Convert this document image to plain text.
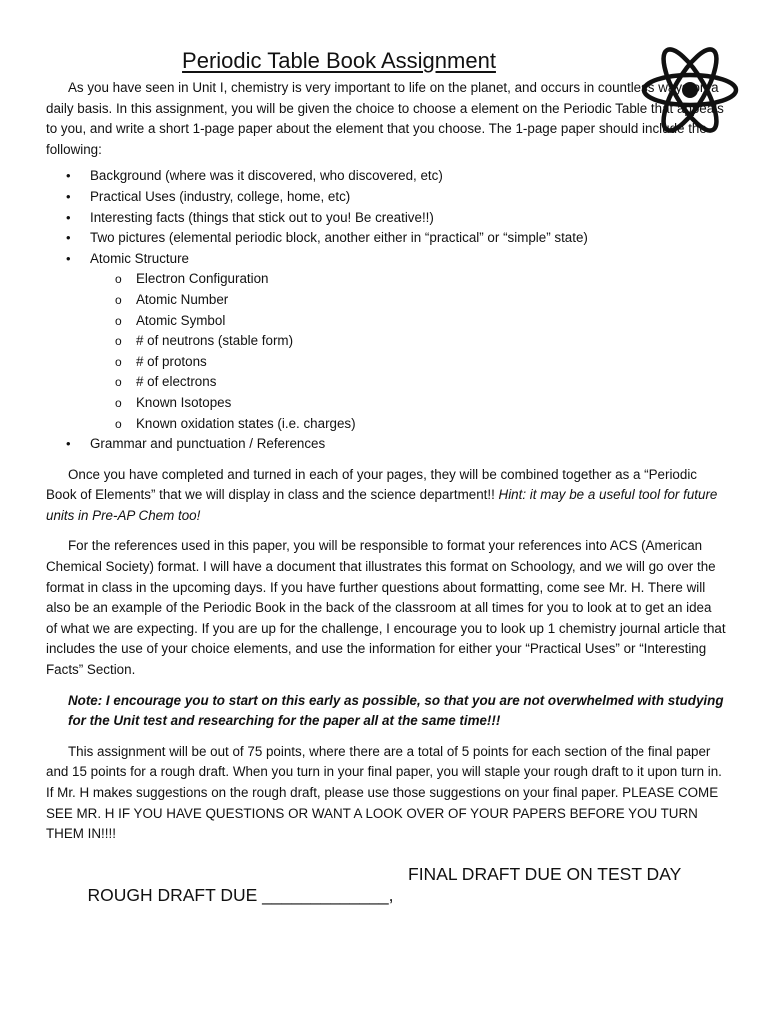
Periodic Table Book Assignment

As you have seen in Unit I, chemistry is very important to life on the planet, and occurs in countless ways on a daily basis. In this assignment, you will be given the choice to choose a element on the Periodic Table that appeals to you, and write a short 1-page paper about the element that you choose. The 1-page paper should include the following:

• Background (where was it discovered, who discovered, etc)
• Practical Uses (industry, college, home, etc)
• Interesting facts (things that stick out to you! Be creative!!)
• Two pictures (elemental periodic block, another either in “practical” or “simple” state)
• Atomic Structure
o Electron Configuration
o Atomic Number
o Atomic Symbol
o # of neutrons (stable form)
o # of protons
o # of electrons
o Known Isotopes
o Known oxidation states (i.e. charges)
• Grammar and punctuation / References

Once you have completed and turned in each of your pages, they will be combined together as a “Periodic Book of Elements” that we will display in class and the science department!! Hint: it may be a useful tool for future units in Pre-AP Chem too!

For the references used in this paper, you will be responsible to format your references into ACS (American Chemical Society) format. I will have a document that illustrates this format on Schoology, and we will go over the format in class in the upcoming days. If you have further questions about formatting, come see Mr. H. There will also be an example of the Periodic Book in the back of the classroom at all times for you to look at to get an idea of what we are expecting. If you are up for the challenge, I encourage you to look up 1 chemistry journal article that includes the use of your choice elements, and use the information for either your “Practical Uses” or “Interesting Facts” Section.

Note: I encourage you to start on this early as possible, so that you are not overwhelmed with studying for the Unit test and researching for the paper all at the same time!!!

This assignment will be out of 75 points, where there are a total of 5 points for each section of the final paper and 15 points for a rough draft. When you turn in your final paper, you will staple your rough draft to it upon turn in. If Mr. H makes suggestions on the rough draft, please use those suggestions on your final paper. PLEASE COME SEE MR. H IF YOU HAVE QUESTIONS OR WANT A LOOK OVER OF YOUR PAPERS BEFORE YOU TURN THEM IN!!!!

ROUGH DRAFT DUE _____________,

FINAL DRAFT DUE ON TEST DAY
